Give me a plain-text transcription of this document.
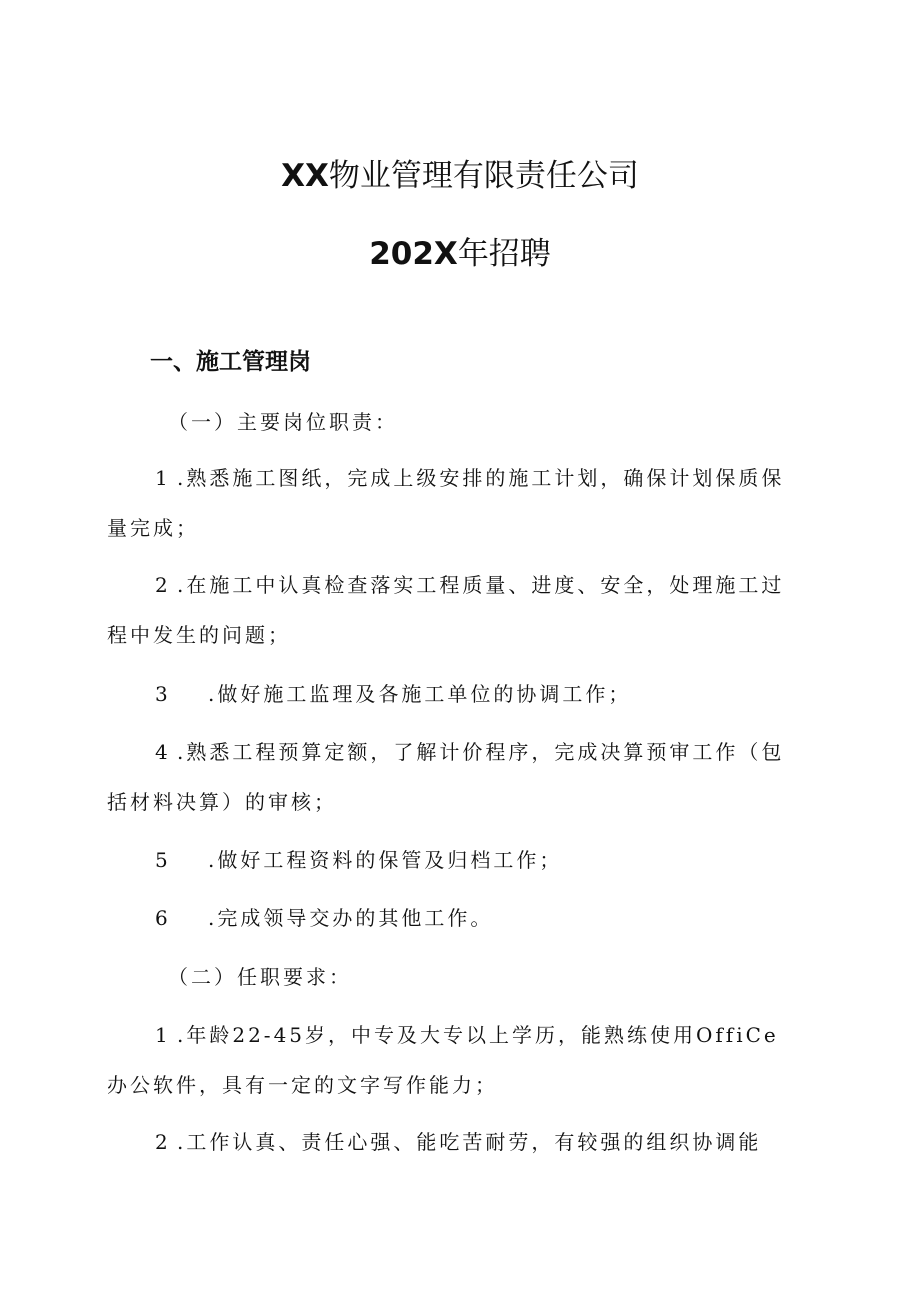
XX物业管理有限责任公司
202X年招聘
一、施工管理岗
（一）主要岗位职责：
1 .熟悉施工图纸，完成上级安排的施工计划，确保计划保质保
量完成；
2 .在施工中认真检查落实工程质量、进度、安全，处理施工过
程中发生的问题；
3 .做好施工监理及各施工单位的协调工作；
4 .熟悉工程预算定额，了解计价程序，完成决算预审工作（包
括材料决算）的审核；
5 .做好工程资料的保管及归档工作；
6 .完成领导交办的其他工作。
（二）任职要求：
1 .年龄22-45岁，中专及大专以上学历，能熟练使用OffiCe
办公软件，具有一定的文字写作能力；
2 .工作认真、责任心强、能吃苦耐劳，有较强的组织协调能
